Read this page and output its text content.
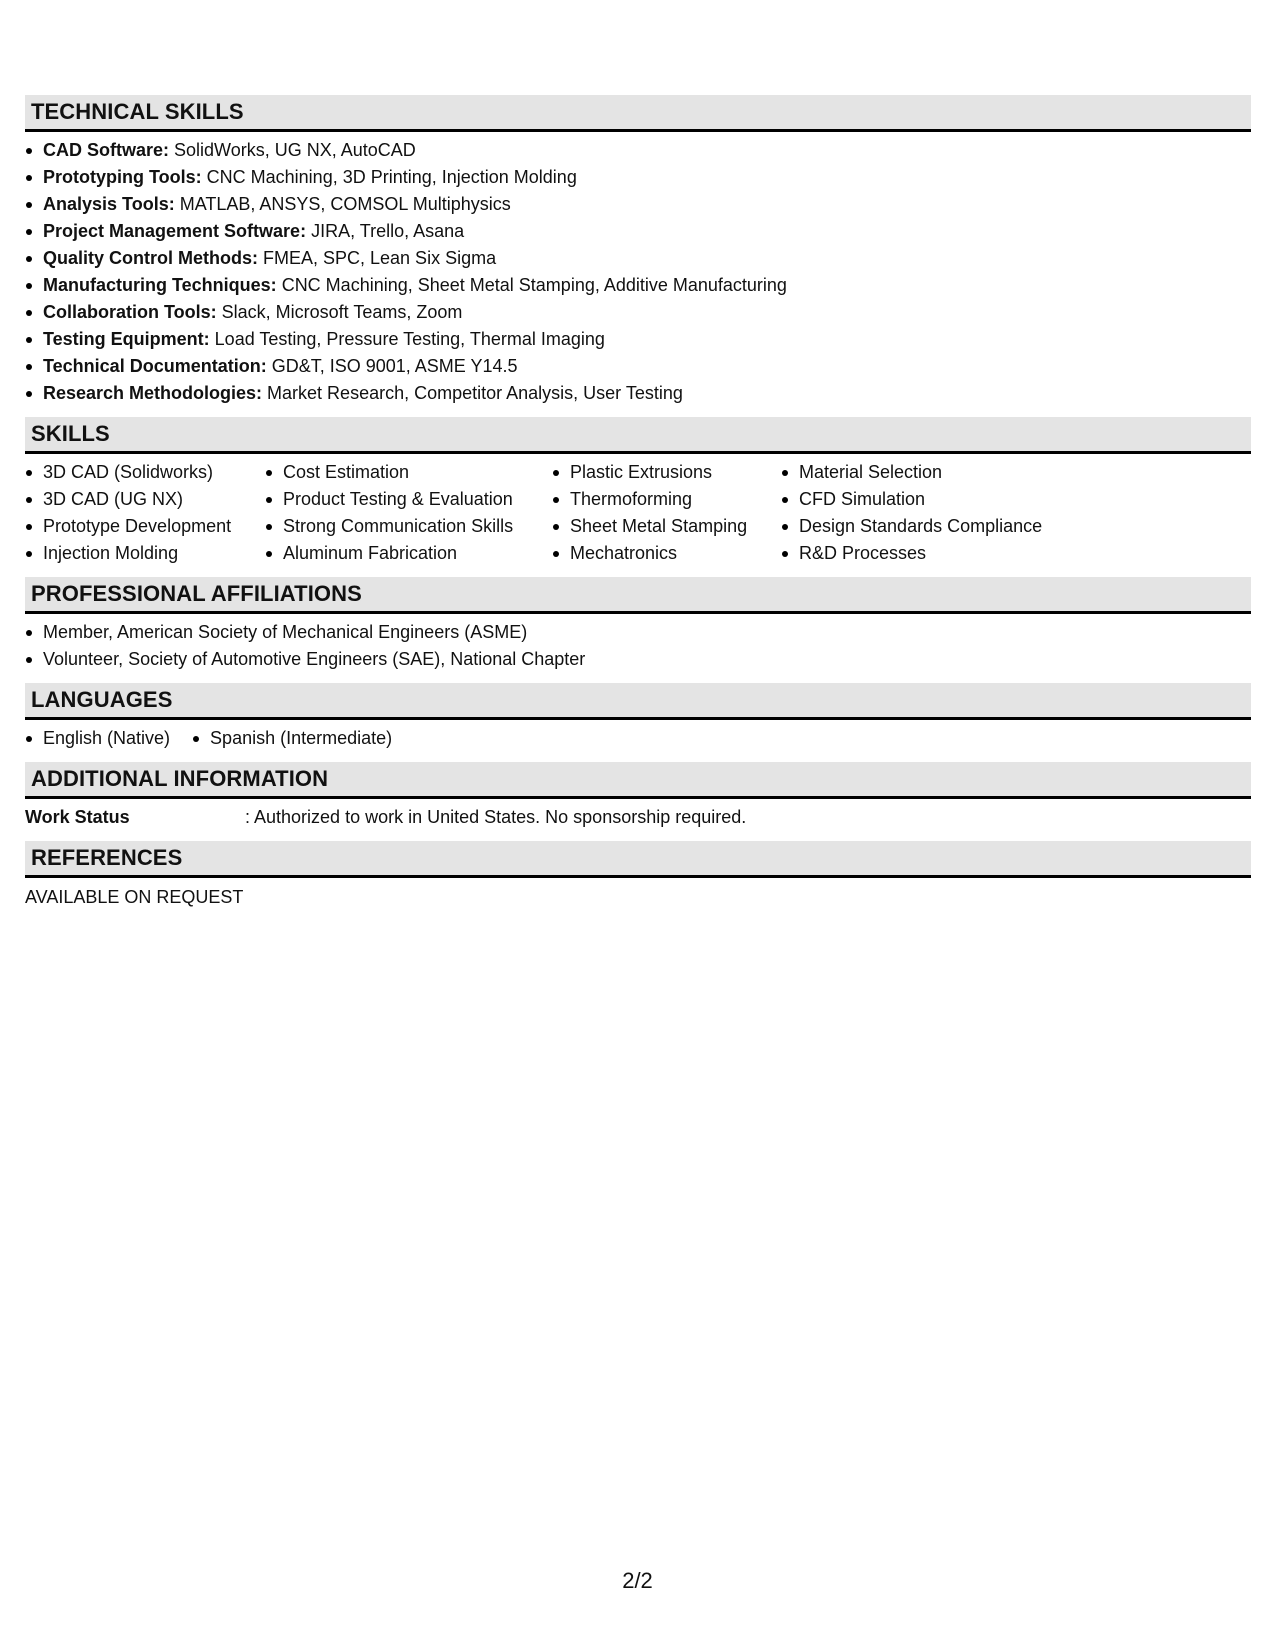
TECHNICAL SKILLS
CAD Software: SolidWorks, UG NX, AutoCAD
Prototyping Tools: CNC Machining, 3D Printing, Injection Molding
Analysis Tools: MATLAB, ANSYS, COMSOL Multiphysics
Project Management Software: JIRA, Trello, Asana
Quality Control Methods: FMEA, SPC, Lean Six Sigma
Manufacturing Techniques: CNC Machining, Sheet Metal Stamping, Additive Manufacturing
Collaboration Tools: Slack, Microsoft Teams, Zoom
Testing Equipment: Load Testing, Pressure Testing, Thermal Imaging
Technical Documentation: GD&T, ISO 9001, ASME Y14.5
Research Methodologies: Market Research, Competitor Analysis, User Testing
SKILLS
3D CAD (Solidworks)
3D CAD (UG NX)
Prototype Development
Injection Molding
Cost Estimation
Product Testing & Evaluation
Strong Communication Skills
Aluminum Fabrication
Plastic Extrusions
Thermoforming
Sheet Metal Stamping
Mechatronics
Material Selection
CFD Simulation
Design Standards Compliance
R&D Processes
PROFESSIONAL AFFILIATIONS
Member, American Society of Mechanical Engineers (ASME)
Volunteer, Society of Automotive Engineers (SAE), National Chapter
LANGUAGES
English (Native)	Spanish (Intermediate)
ADDITIONAL INFORMATION
Work Status	: Authorized to work in United States. No sponsorship required.
REFERENCES
AVAILABLE ON REQUEST
2/2
